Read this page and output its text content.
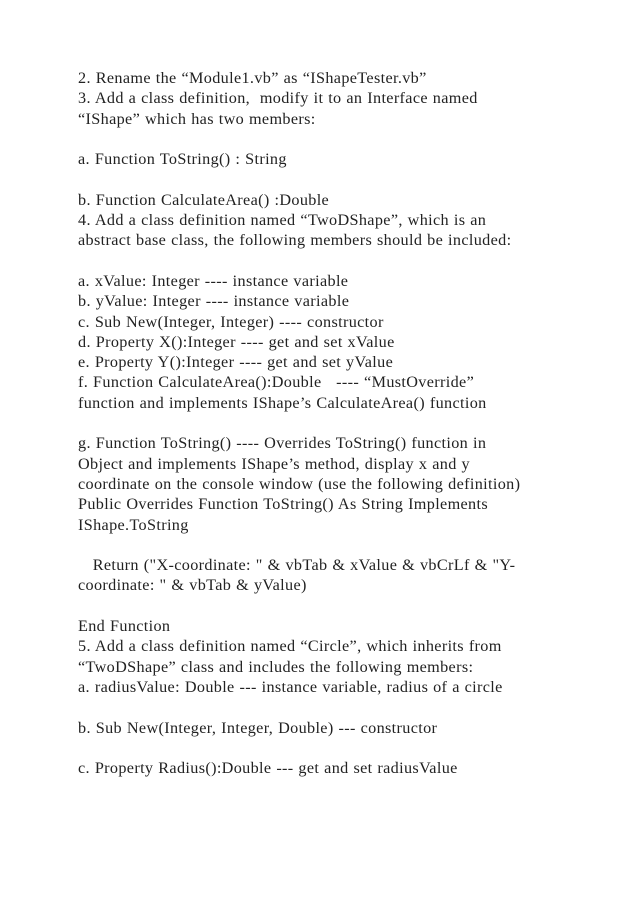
2. Rename the “Module1.vb” as “IShapeTester.vb”
3. Add a class definition,  modify it to an Interface named
“IShape” which has two members:
a. Function ToString() : String
b. Function CalculateArea() :Double
4. Add a class definition named “TwoDShape”, which is an
abstract base class, the following members should be included:
a. xValue: Integer ---- instance variable
b. yValue: Integer ---- instance variable
c. Sub New(Integer, Integer) ---- constructor
d. Property X():Integer ---- get and set xValue
e. Property Y():Integer ---- get and set yValue
f. Function CalculateArea():Double   ---- “MustOverride”
function and implements IShape’s CalculateArea() function
g. Function ToString() ---- Overrides ToString() function in
Object and implements IShape’s method, display x and y
coordinate on the console window (use the following definition)
Public Overrides Function ToString() As String Implements
IShape.ToString
Return ("X-coordinate: " & vbTab & xValue & vbCrLf & "Y-
coordinate: " & vbTab & yValue)
End Function
5. Add a class definition named “Circle”, which inherits from
“TwoDShape” class and includes the following members:
a. radiusValue: Double --- instance variable, radius of a circle
b. Sub New(Integer, Integer, Double) --- constructor
c. Property Radius():Double --- get and set radiusValue
